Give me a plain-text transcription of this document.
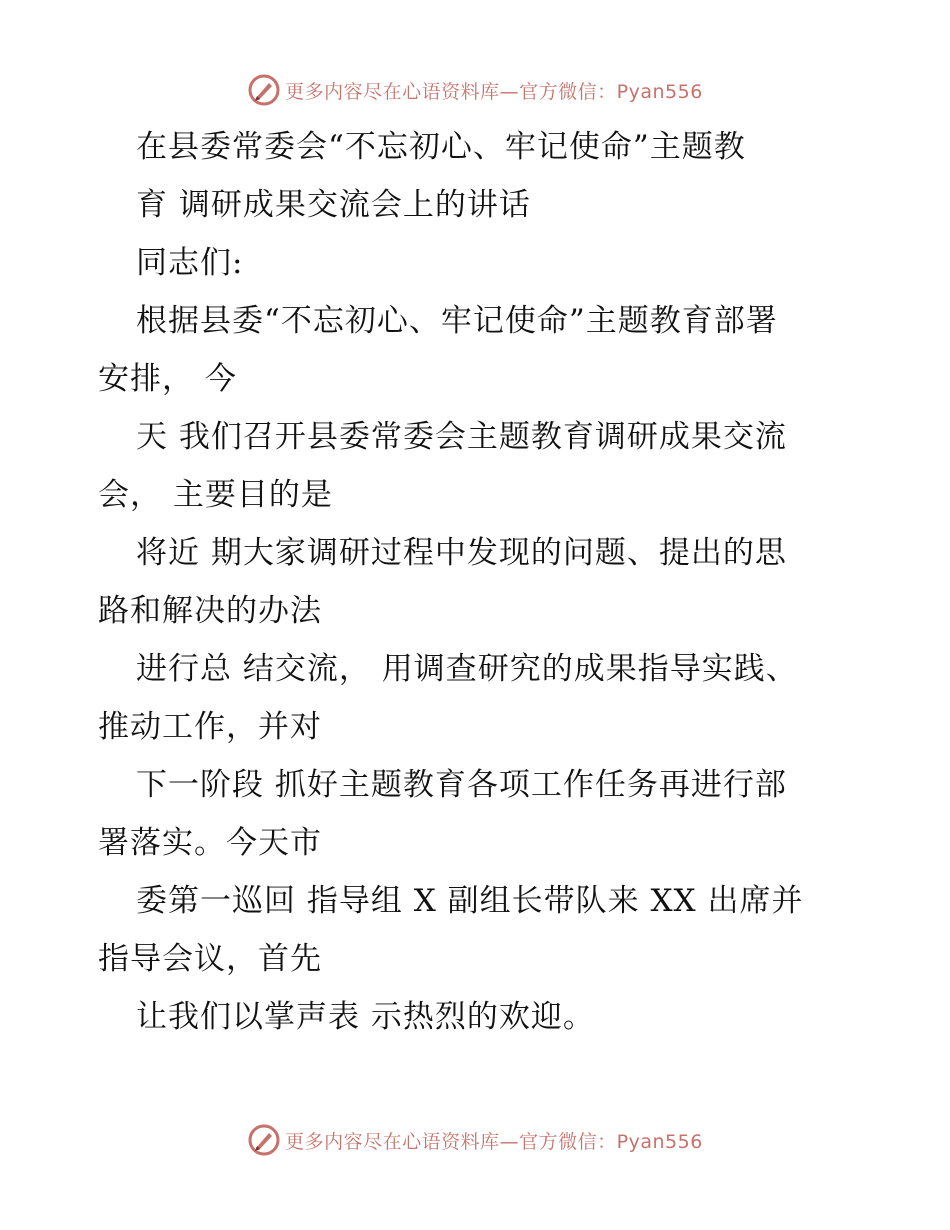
更多内容尽在心语资料库—官方微信：Pyan556
在县委常委会“不忘初心、牢记使命”主题教
育 调研成果交流会上的讲话
同志们:
根据县委“不忘初心、牢记使命”主题教育部署
安排， 今
天 我们召开县委常委会主题教育调研成果交流
会， 主要目的是
将近 期大家调研过程中发现的问题、提出的思
路和解决的办法
进行总 结交流， 用调查研究的成果指导实践、
推动工作，并对
下一阶段 抓好主题教育各项工作任务再进行部
署落实。今天市
委第一巡回 指导组 X 副组长带队来 XX 出席并
指导会议，首先
让我们以掌声表 示热烈的欢迎。
更多内容尽在心语资料库—官方微信：Pyan556
